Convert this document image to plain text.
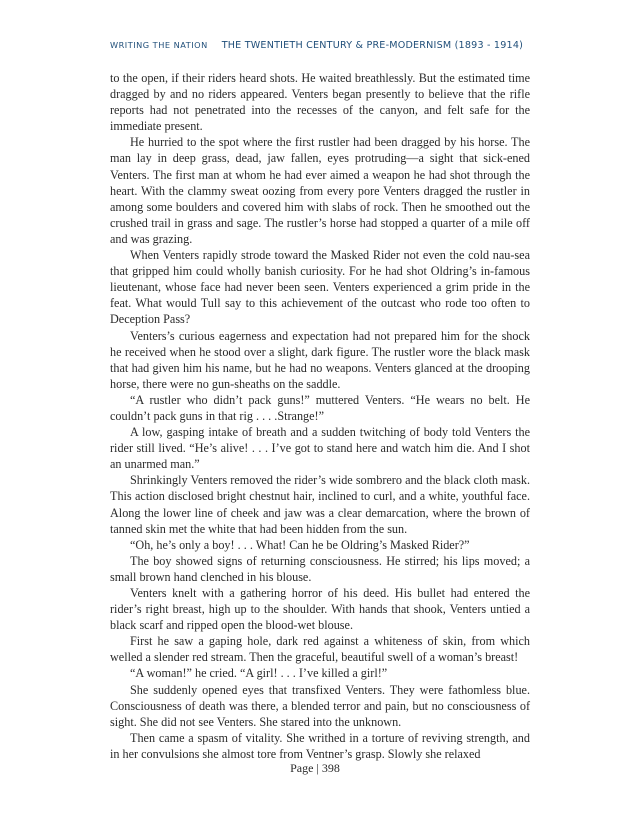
WRITING THE NATION THE TWENTIETH CENTURY & PRE-MODERNISM (1893 - 1914)

to the open, if their riders heard shots. He waited breathlessly. But the estimated time dragged by and no riders appeared. Venters began presently to believe that the rifle reports had not penetrated into the recesses of the canyon, and felt safe for the immediate present.

He hurried to the spot where the first rustler had been dragged by his horse. The man lay in deep grass, dead, jaw fallen, eyes protruding—a sight that sick-ened Venters. The first man at whom he had ever aimed a weapon he had shot through the heart. With the clammy sweat oozing from every pore Venters dragged the rustler in among some boulders and covered him with slabs of rock. Then he smoothed out the crushed trail in grass and sage. The rustler’s horse had stopped a quarter of a mile off and was grazing.

When Venters rapidly strode toward the Masked Rider not even the cold nau-sea that gripped him could wholly banish curiosity. For he had shot Oldring’s in-famous lieutenant, whose face had never been seen. Venters experienced a grim pride in the feat. What would Tull say to this achievement of the outcast who rode too often to Deception Pass?

Venters’s curious eagerness and expectation had not prepared him for the shock he received when he stood over a slight, dark figure. The rustler wore the black mask that had given him his name, but he had no weapons. Venters glanced at the drooping horse, there were no gun-sheaths on the saddle.

“A rustler who didn’t pack guns!” muttered Venters. “He wears no belt. He couldn’t pack guns in that rig . . . .Strange!”

A low, gasping intake of breath and a sudden twitching of body told Venters the rider still lived. “He’s alive! . . . I’ve got to stand here and watch him die. And I shot an unarmed man.”

Shrinkingly Venters removed the rider’s wide sombrero and the black cloth mask. This action disclosed bright chestnut hair, inclined to curl, and a white, youthful face. Along the lower line of cheek and jaw was a clear demarcation, where the brown of tanned skin met the white that had been hidden from the sun.

“Oh, he’s only a boy! . . . What! Can he be Oldring’s Masked Rider?”

The boy showed signs of returning consciousness. He stirred; his lips moved; a small brown hand clenched in his blouse.

Venters knelt with a gathering horror of his deed. His bullet had entered the rider’s right breast, high up to the shoulder. With hands that shook, Venters untied a black scarf and ripped open the blood-wet blouse.

First he saw a gaping hole, dark red against a whiteness of skin, from which welled a slender red stream. Then the graceful, beautiful swell of a woman’s breast!

“A woman!” he cried. “A girl! . . . I’ve killed a girl!”

She suddenly opened eyes that transfixed Venters. They were fathomless blue. Consciousness of death was there, a blended terror and pain, but no consciousness of sight. She did not see Venters. She stared into the unknown.

Then came a spasm of vitality. She writhed in a torture of reviving strength, and in her convulsions she almost tore from Ventner’s grasp. Slowly she relaxed

Page | 398
